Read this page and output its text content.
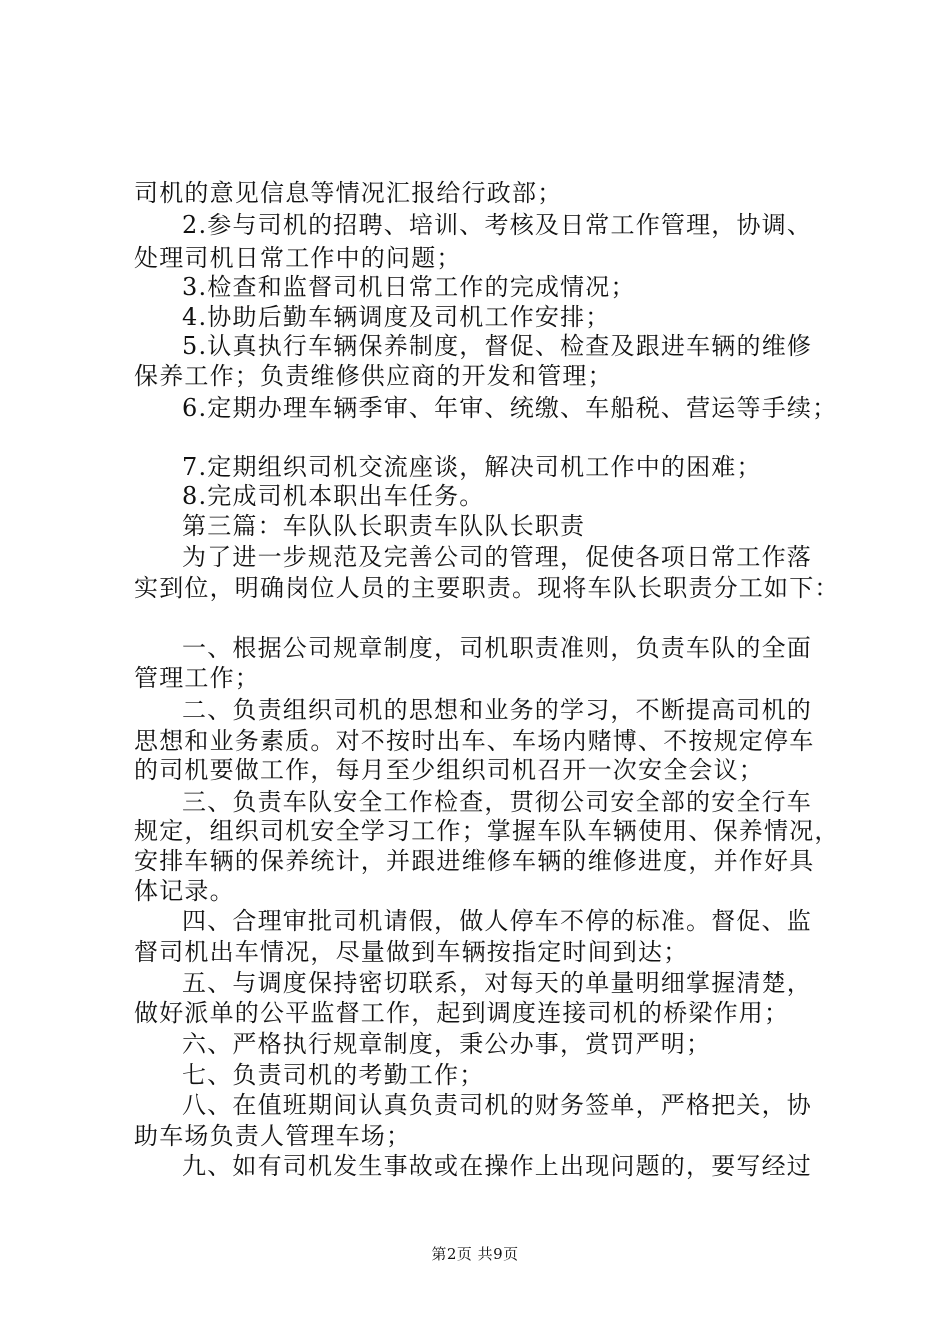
司机的意见信息等情况汇报给行政部；
2.参与司机的招聘、培训、考核及日常工作管理，协调、
处理司机日常工作中的问题；
3.检查和监督司机日常工作的完成情况；
4.协助后勤车辆调度及司机工作安排；
5.认真执行车辆保养制度，督促、检查及跟进车辆的维修
保养工作；负责维修供应商的开发和管理；
6.定期办理车辆季审、年审、统缴、车船税、营运等手续；
7.定期组织司机交流座谈，解决司机工作中的困难；
8.完成司机本职出车任务。
第三篇：车队队长职责车队队长职责
为了进一步规范及完善公司的管理，促使各项日常工作落
实到位，明确岗位人员的主要职责。现将车队长职责分工如下：
一、根据公司规章制度，司机职责准则，负责车队的全面
管理工作；
二、负责组织司机的思想和业务的学习，不断提高司机的
思想和业务素质。对不按时出车、车场内赌博、不按规定停车
的司机要做工作，每月至少组织司机召开一次安全会议；
三、负责车队安全工作检查，贯彻公司安全部的安全行车
规定，组织司机安全学习工作；掌握车队车辆使用、保养情况，
安排车辆的保养统计，并跟进维修车辆的维修进度，并作好具
体记录。
四、合理审批司机请假，做人停车不停的标准。督促、监
督司机出车情况，尽量做到车辆按指定时间到达；
五、与调度保持密切联系，对每天的单量明细掌握清楚，
做好派单的公平监督工作，起到调度连接司机的桥梁作用；
六、严格执行规章制度，秉公办事，赏罚严明；
七、负责司机的考勤工作；
八、在值班期间认真负责司机的财务签单，严格把关，协
助车场负责人管理车场；
九、如有司机发生事故或在操作上出现问题的，要写经过
第2页 共9页
